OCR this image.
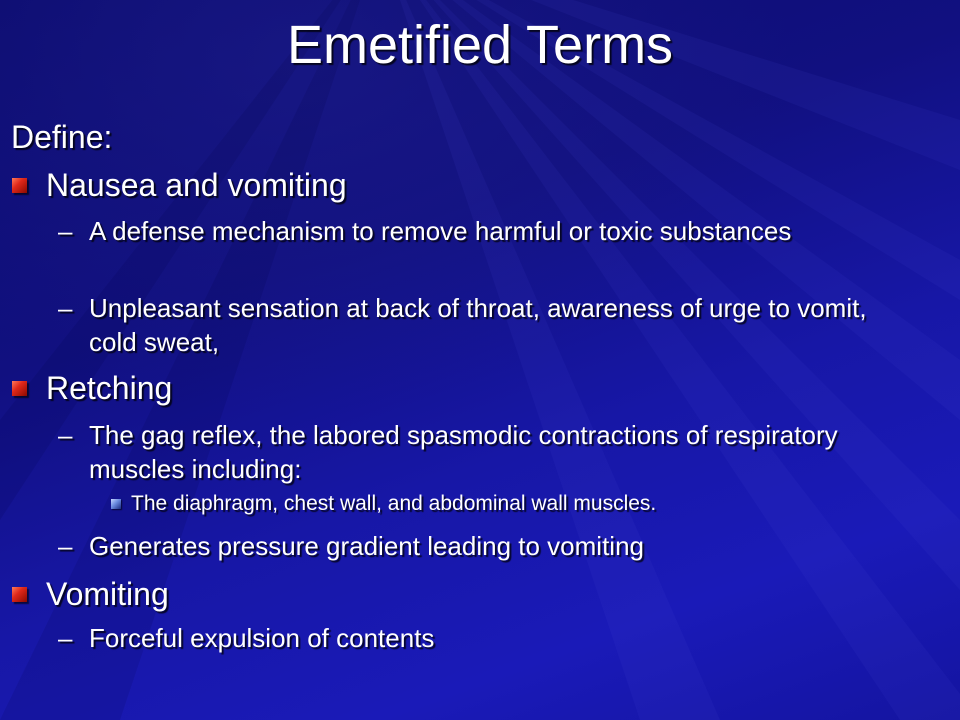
Emetified Terms
Define:
Nausea and vomiting
– A defense mechanism to remove harmful or toxic substances
– Unpleasant sensation at back of throat, awareness of urge to vomit, cold sweat,
Retching
– The gag reflex, the labored spasmodic contractions of respiratory muscles including:
The diaphragm, chest wall, and abdominal wall muscles.
– Generates pressure gradient leading to vomiting
Vomiting
– Forceful expulsion of contents
